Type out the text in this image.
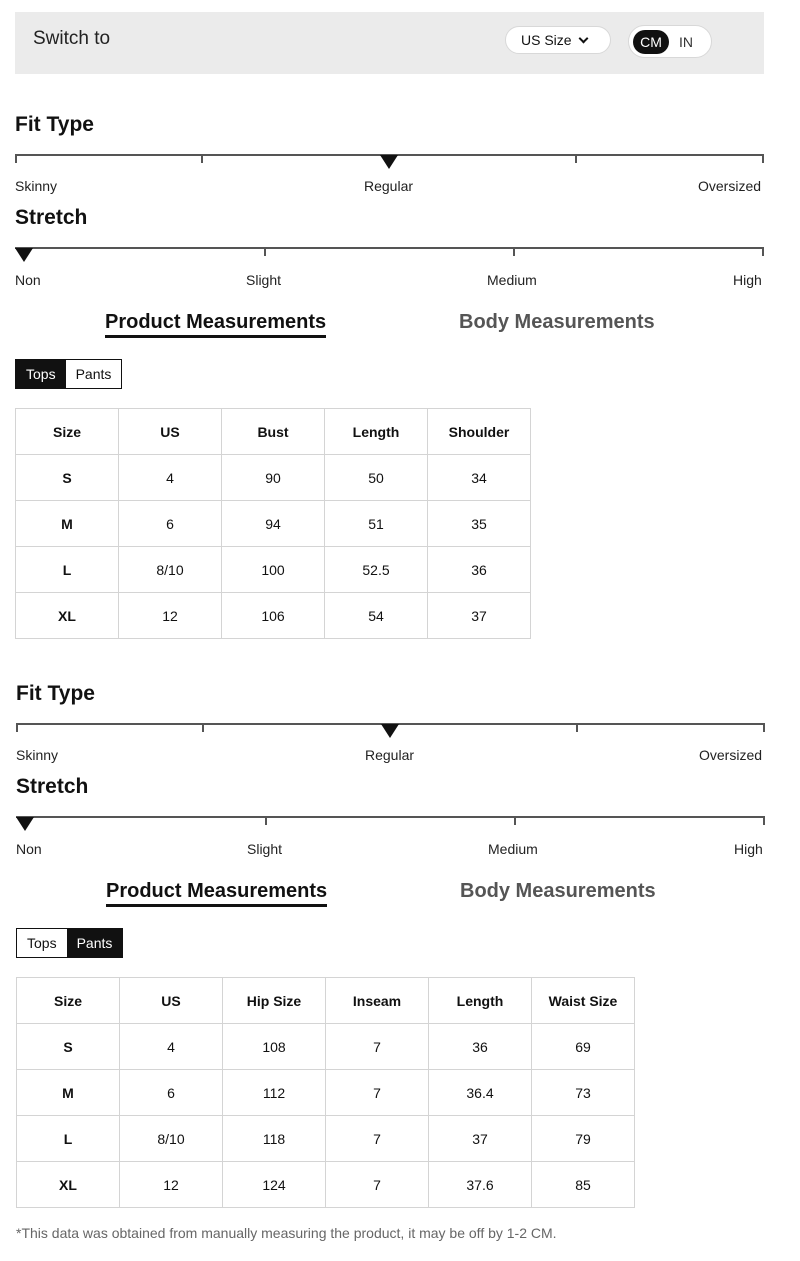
Switch to	US Size	CM	IN
Fit Type
Skinny	Regular	Oversized
Stretch
Non	Slight	Medium	High
Product Measurements	Body Measurements
Tops	Pants
Size	US	Bust	Length	Shoulder
S	4	90	50	34
M	6	94	51	35
L	8/10	100	52.5	36
XL	12	106	54	37
Fit Type
Skinny	Regular	Oversized
Stretch
Non	Slight	Medium	High
Product Measurements	Body Measurements
Tops	Pants
Size	US	Hip Size	Inseam	Length	Waist Size
S	4	108	7	36	69
M	6	112	7	36.4	73
L	8/10	118	7	37	79
XL	12	124	7	37.6	85
*This data was obtained from manually measuring the product, it may be off by 1-2 CM.
